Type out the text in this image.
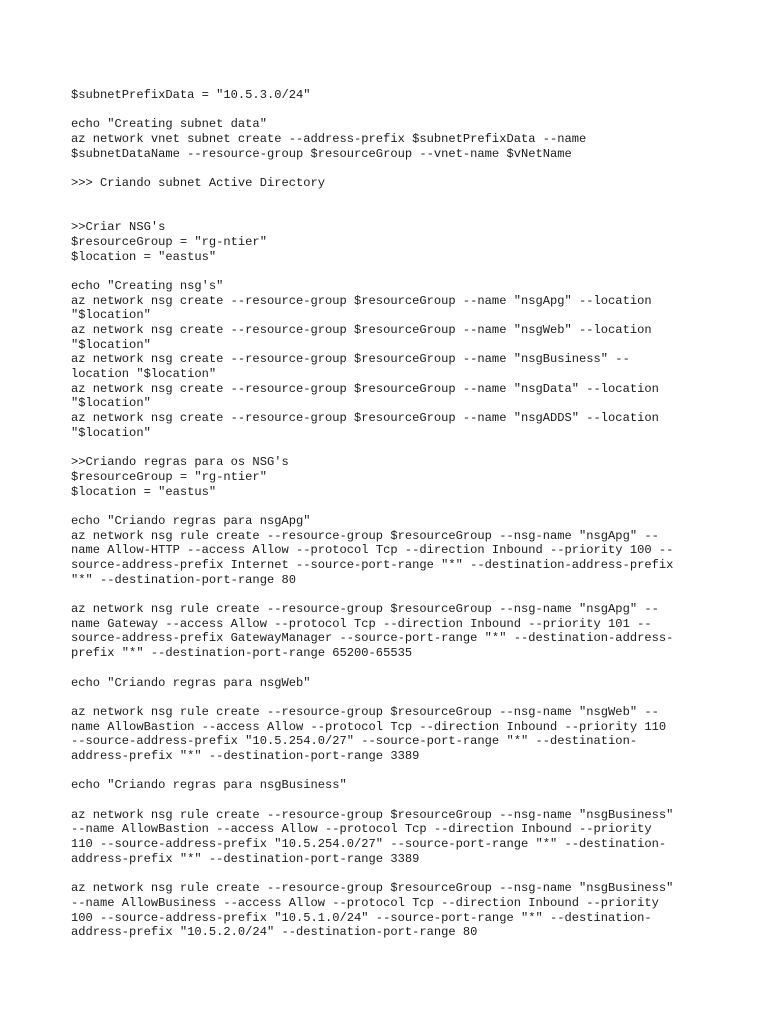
$subnetPrefixData = "10.5.3.0/24"
echo "Creating subnet data"
az network vnet subnet create --address-prefix $subnetPrefixData --name
$subnetDataName --resource-group $resourceGroup --vnet-name $vNetName
>>> Criando subnet Active Directory
>>Criar NSG's
$resourceGroup = "rg-ntier"
$location = "eastus"
echo "Creating nsg's"
az network nsg create --resource-group $resourceGroup --name "nsgApg" --location
"$location"
az network nsg create --resource-group $resourceGroup --name "nsgWeb" --location
"$location"
az network nsg create --resource-group $resourceGroup --name "nsgBusiness" --
location "$location"
az network nsg create --resource-group $resourceGroup --name "nsgData" --location
"$location"
az network nsg create --resource-group $resourceGroup --name "nsgADDS" --location
"$location"
>>Criando regras para os NSG's
$resourceGroup = "rg-ntier"
$location = "eastus"
echo "Criando regras para nsgApg"
az network nsg rule create --resource-group $resourceGroup --nsg-name "nsgApg" --
name Allow-HTTP --access Allow --protocol Tcp --direction Inbound --priority 100 --
source-address-prefix Internet --source-port-range "*" --destination-address-prefix
"*" --destination-port-range 80
az network nsg rule create --resource-group $resourceGroup --nsg-name "nsgApg" --
name Gateway --access Allow --protocol Tcp --direction Inbound --priority 101 --
source-address-prefix GatewayManager --source-port-range "*" --destination-address-
prefix "*" --destination-port-range 65200-65535
echo "Criando regras para nsgWeb"
az network nsg rule create --resource-group $resourceGroup --nsg-name "nsgWeb" --
name AllowBastion --access Allow --protocol Tcp --direction Inbound --priority 110
--source-address-prefix "10.5.254.0/27" --source-port-range "*" --destination-
address-prefix "*" --destination-port-range 3389
echo "Criando regras para nsgBusiness"
az network nsg rule create --resource-group $resourceGroup --nsg-name "nsgBusiness"
--name AllowBastion --access Allow --protocol Tcp --direction Inbound --priority
110 --source-address-prefix "10.5.254.0/27" --source-port-range "*" --destination-
address-prefix "*" --destination-port-range 3389
az network nsg rule create --resource-group $resourceGroup --nsg-name "nsgBusiness"
--name AllowBusiness --access Allow --protocol Tcp --direction Inbound --priority
100 --source-address-prefix "10.5.1.0/24" --source-port-range "*" --destination-
address-prefix "10.5.2.0/24" --destination-port-range 80
